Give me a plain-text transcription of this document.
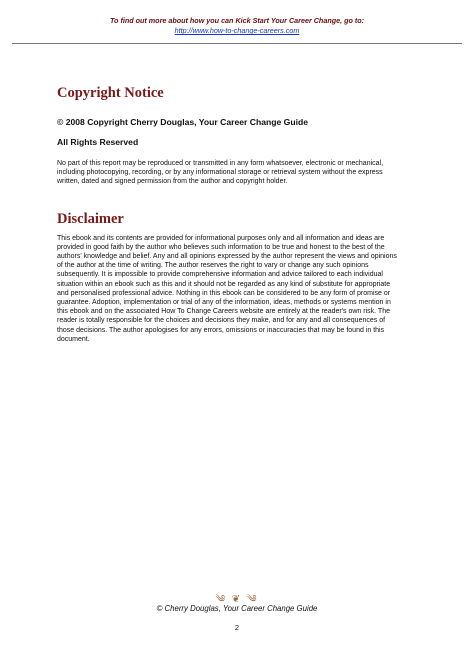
To find out more about how you can Kick Start Your Career Change, go to:
http://www.how-to-change-careers.com
Copyright Notice

© 2008 Copyright Cherry Douglas, Your Career Change Guide

All Rights Reserved

No part of this report may be reproduced or transmitted in any form whatsoever, electronic or mechanical, including photocopying, recording, or by any informational storage or retrieval system without the express written, dated and signed permission from the author and copyright holder.

Disclaimer

This ebook and its contents are provided for informational purposes only and all information and ideas are provided in good faith by the author who believes such information to be true and honest to the best of the authors' knowledge and belief. Any and all opinions expressed by the author represent the views and opinions of the author at the time of writing. The author reserves the right to vary or change any such opinions subsequently. It is impossible to provide comprehensive information and advice tailored to each individual situation within an ebook such as this and it should not be regarded as any kind of substitute for appropriate and personalised professional advice. Nothing in this ebook can be considered to be any form of promise or guarantee. Adoption, implementation or trial of any of the information, ideas, methods or systems mention in this ebook and on the associated How To Change Careers website are entirely at the reader's own risk. The reader is totally responsible for the choices and decisions they make, and for any and all consequences of those decisions. The author apologises for any errors, omissions or inaccuracies that may be found in this document.

༄ ❦ ༄
© Cherry Douglas, Your Career Change Guide
2
